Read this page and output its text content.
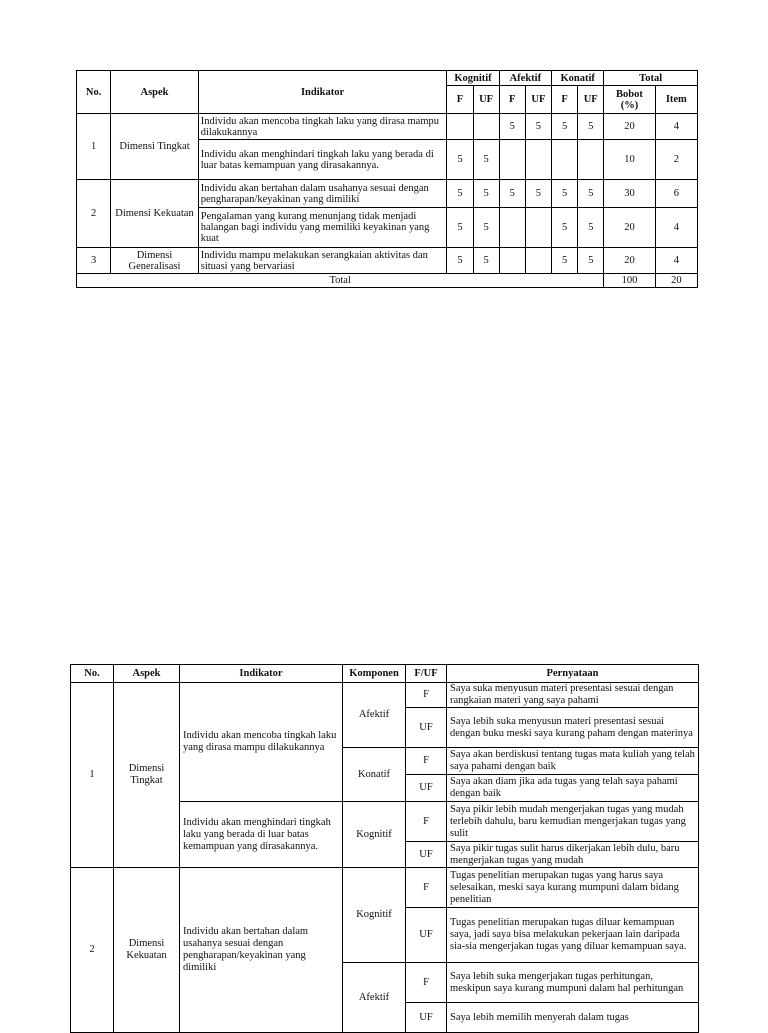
No.	Aspek	Indikator	Kognitif		Afektif		Konatif		Total	
			F	UF	F	UF	F	UF	Bobot (%)	Item
1	Dimensi Tingkat	Individu akan mencoba tingkah laku yang dirasa mampu dilakukannya			5	5	5	5	20	4
		Individu akan menghindari tingkah laku yang berada di luar batas kemampuan yang dirasakannya.	5	5					10	2
2	Dimensi Kekuatan	Individu akan bertahan dalam usahanya sesuai dengan pengharapan/keyakinan yang dimiliki	5	5	5	5	5	5	30	6
		Pengalaman yang kurang menunjang tidak menjadi halangan bagi individu yang memiliki keyakinan yang kuat	5	5			5	5	20	4
3	Dimensi Generalisasi	Individu mampu melakukan serangkaian aktivitas dan situasi yang bervariasi	5	5			5	5	20	4
Total									100	20
No.	Aspek	Indikator	Komponen	F/UF	Pernyataan
1	Dimensi Tingkat	Individu akan mencoba tingkah laku yang dirasa mampu dilakukannya	Afektif	F	Saya suka menyusun materi presentasi sesuai dengan rangkaian materi yang saya pahami
				UF	Saya lebih suka menyusun materi presentasi sesuai dengan buku meski saya kurang paham dengan materinya
			Konatif	F	Saya akan berdiskusi tentang tugas mata kuliah yang telah saya pahami dengan baik
				UF	Saya akan diam jika ada tugas yang telah saya pahami dengan baik
		Individu akan menghindari tingkah laku yang berada di luar batas kemampuan yang dirasakannya.	Kognitif	F	Saya pikir lebih mudah mengerjakan tugas yang mudah terlebih dahulu, baru kemudian mengerjakan tugas yang sulit
				UF	Saya pikir tugas sulit harus dikerjakan lebih dulu, baru mengerjakan tugas yang mudah
2	Dimensi Kekuatan	Individu akan bertahan dalam usahanya sesuai dengan pengharapan/keyakinan yang dimiliki	Kognitif	F	Tugas penelitian merupakan tugas yang harus saya selesaikan, meski saya kurang mumpuni dalam bidang penelitian
				UF	Tugas penelitian merupakan tugas diluar kemampuan saya, jadi saya bisa melakukan pekerjaan lain daripada sia-sia mengerjakan tugas yang diluar kemampuan saya.
			Afektif	F	Saya lebih suka mengerjakan tugas perhitungan, meskipun saya kurang mumpuni dalam hal perhitungan
				UF	Saya lebih memilih menyerah dalam tugas
